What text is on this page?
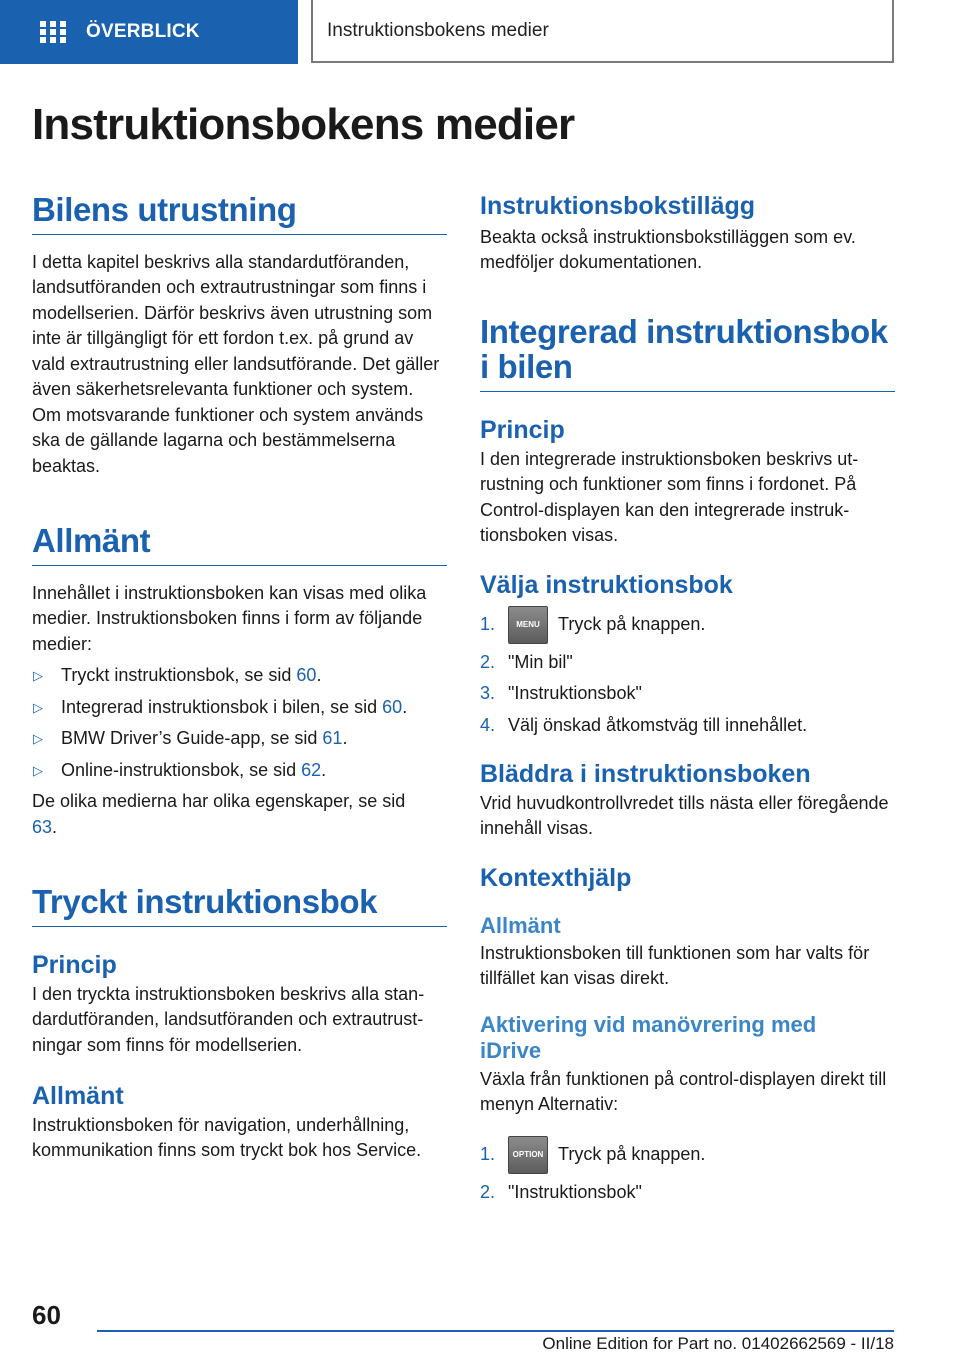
ÖVERBLICK	Instruktionsbokens medier
Instruktionsbokens medier
Bilens utrustning

I detta kapitel beskrivs alla standardutföranden, landsutföranden och extrautrustningar som finns i modellserien. Därför beskrivs även utrustning som inte är tillgängligt för ett fordon t.ex. på grund av vald extrautrustning eller landsutförande. Det gäller även säkerhetsrelevanta funktioner och system. Om motsvarande funktioner och system används ska de gällande lagarna och bestämmelserna beaktas.

Allmänt

Innehållet i instruktionsboken kan visas med olika medier. Instruktionsboken finns i form av följande medier:

▷ Tryckt instruktionsbok, se sid 60.
▷ Integrerad instruktionsbok i bilen, se sid 60.
▷ BMW Driver’s Guide-app, se sid 61.
▷ Online-instruktionsbok, se sid 62.

De olika medierna har olika egenskaper, se sid 63.

Tryckt instruktionsbok
Princip

I den tryckta instruktionsboken beskrivs alla standardutföranden, landsutföranden och extrautrustningar som finns för modellserien.

Allmänt

Instruktionsboken för navigation, underhållning, kommunikation finns som tryckt bok hos Service.

Instruktionsbokstillägg

Beakta också instruktionsbokstilläggen som ev. medföljer dokumentationen.

Integrerad instruktionsbok i bilen
Princip

I den integrerade instruktionsboken beskrivs utrustning och funktioner som finns i fordonet. På Control-displayen kan den integrerade instruktionsboken visas.

Välja instruktionsbok
1.	MENU	Tryck på knappen.
2. "Min bil"
3. "Instruktionsbok"
4. Välj önskad åtkomstväg till innehållet.
Bläddra i instruktionsboken

Vrid huvudkontrollvredet tills nästa eller föregående innehåll visas.

Kontexthjälp
Allmänt

Instruktionsboken till funktionen som har valts för tillfället kan visas direkt.

Aktivering vid manövrering med iDrive

Växla från funktionen på control-displayen direkt till menyn Alternativ:

1.	OPTION Tryck på knappen.
2. "Instruktionsbok"
60
Online Edition for Part no. 01402662569 - II/18
